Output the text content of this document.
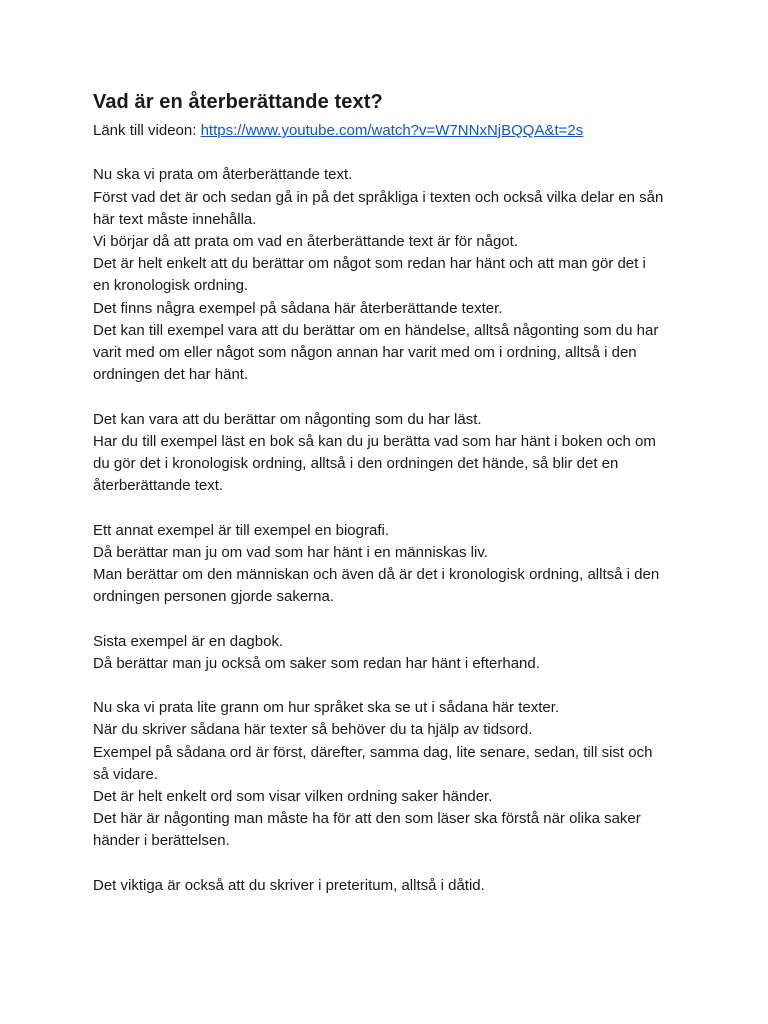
Vad är en återberättande text?

Länk till videon: https://www.youtube.com/watch?v=W7NNxNjBQQA&t=2s

Nu ska vi prata om återberättande text.

Först vad det är och sedan gå in på det språkliga i texten och också vilka delar en sån

här text måste innehålla.

Vi börjar då att prata om vad en återberättande text är för något.

Det är helt enkelt att du berättar om något som redan har hänt och att man gör det i

en kronologisk ordning.

Det finns några exempel på sådana här återberättande texter.

Det kan till exempel vara att du berättar om en händelse, alltså någonting som du har

varit med om eller något som någon annan har varit med om i ordning, alltså i den

ordningen det har hänt.

Det kan vara att du berättar om någonting som du har läst.

Har du till exempel läst en bok så kan du ju berätta vad som har hänt i boken och om

du gör det i kronologisk ordning, alltså i den ordningen det hände, så blir det en

återberättande text.

Ett annat exempel är till exempel en biografi.

Då berättar man ju om vad som har hänt i en människas liv.

Man berättar om den människan och även då är det i kronologisk ordning, alltså i den

ordningen personen gjorde sakerna.

Sista exempel är en dagbok.

Då berättar man ju också om saker som redan har hänt i efterhand.

Nu ska vi prata lite grann om hur språket ska se ut i sådana här texter.

När du skriver sådana här texter så behöver du ta hjälp av tidsord.

Exempel på sådana ord är först, därefter, samma dag, lite senare, sedan, till sist och

så vidare.

Det är helt enkelt ord som visar vilken ordning saker händer.

Det här är någonting man måste ha för att den som läser ska förstå när olika saker

händer i berättelsen.

Det viktiga är också att du skriver i preteritum, alltså i dåtid.
